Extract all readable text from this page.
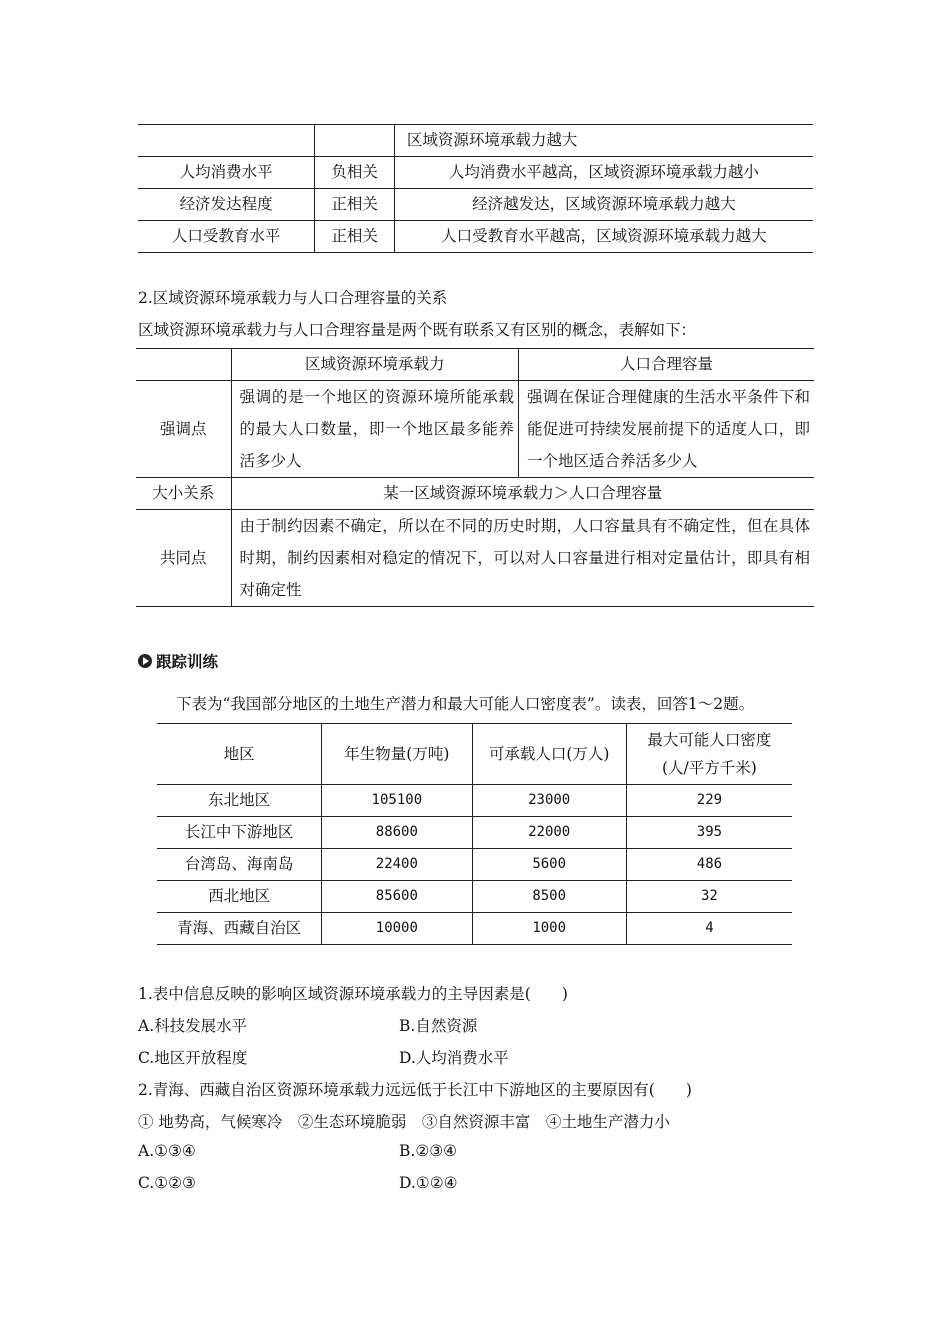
		区域资源环境承载力越大
人均消费水平	负相关	人均消费水平越高，区域资源环境承载力越小
经济发达程度	正相关	经济越发达，区域资源环境承载力越大
人口受教育水平	正相关	人口受教育水平越高，区域资源环境承载力越大
2.区域资源环境承载力与人口合理容量的关系
区域资源环境承载力与人口合理容量是两个既有联系又有区别的概念，表解如下：
	区域资源环境承载力	人口合理容量
强调点	强调的是一个地区的资源环境所能承载的最大人口数量，即一个地区最多能养活多少人	强调在保证合理健康的生活水平条件下和能促进可持续发展前提下的适度人口，即一个地区适合养活多少人
大小关系	某一区域资源环境承载力＞人口合理容量	
共同点	由于制约因素不确定，所以在不同的历史时期，人口容量具有不确定性，但在具体时期，制约因素相对稳定的情况下，可以对人口容量进行相对定量估计，即具有相对确定性	
跟踪训练
下表为“我国部分地区的土地生产潜力和最大可能人口密度表”。读表，回答1～2题。
地区	年生物量(万吨)	可承载人口(万人)	最大可能人口密度
(人/平方千米)

东北地区	105100	23000	229
长江中下游地区	88600	22000	395
台湾岛、海南岛	22400	5600	486
西北地区	85600	8500	32
青海、西藏自治区	10000	1000	4
1.表中信息反映的影响区域资源环境承载力的主导因素是(　　)
A.科技发展水平	B.自然资源
C.地区开放程度	D.人均消费水平
2.青海、西藏自治区资源环境承载力远远低于长江中下游地区的主要原因有(　　)
① 地势高，气候寒冷　②生态环境脆弱　③自然资源丰富　④土地生产潜力小
A.①③④	B.②③④
C.①②③	D.①②④
